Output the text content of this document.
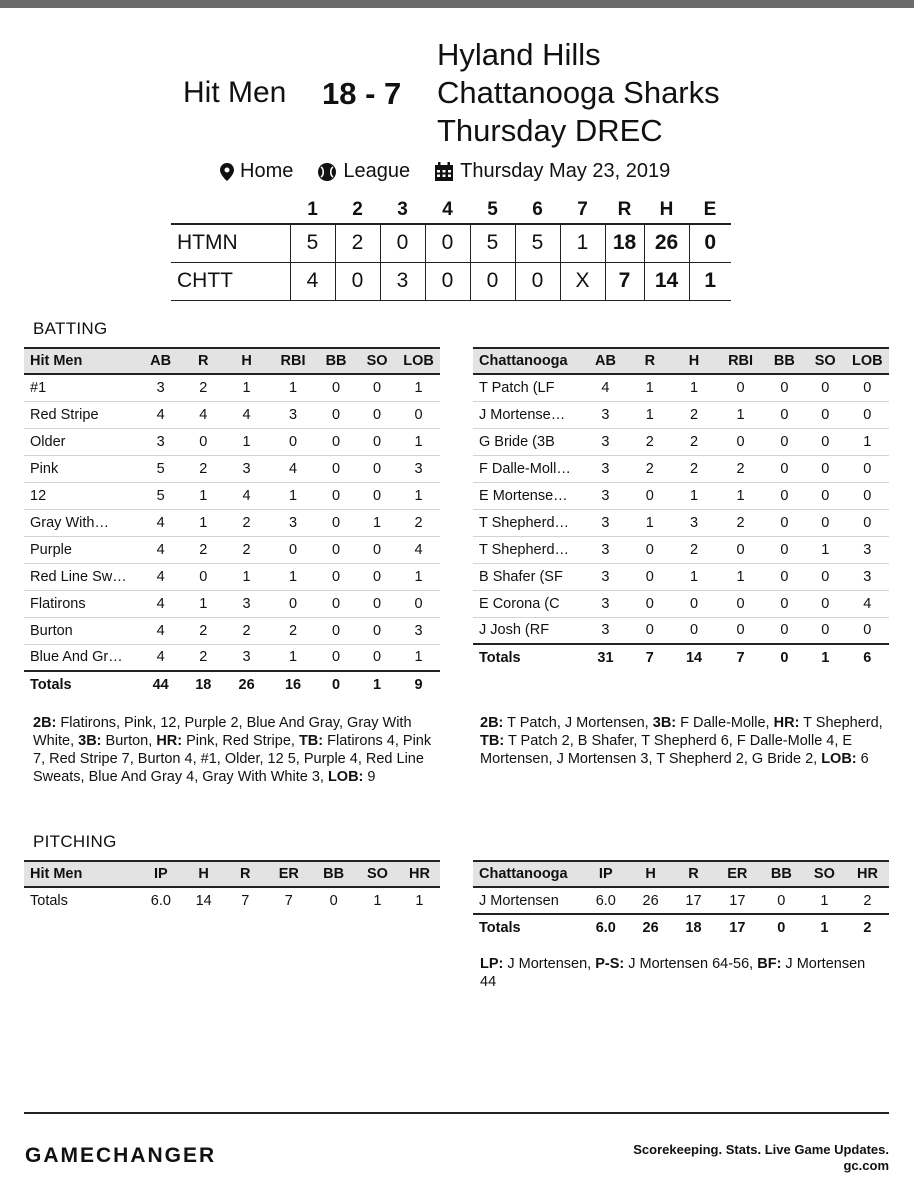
Hit Men 18 - 7
Hyland Hills
Chattanooga Sharks
Thursday DREC
Home	League	Thursday May 23, 2019
	1	2	3	4	5	6	7	R	H	E
HTMN	5	2	0	0	5	5	1	18	26	0
CHTT	4	0	3	0	0	0	X	7	14	1
BATTING
Hit Men	AB	R	H	RBI	BB	SO	LOB
#1	3	2	1	1	0	0	1
Red Stripe	4	4	4	3	0	0	0
Older	3	0	1	0	0	0	1
Pink	5	2	3	4	0	0	3
12	5	1	4	1	0	0	1
Gray With…	4	1	2	3	0	1	2
Purple	4	2	2	0	0	0	4
Red Line Sw…	4	0	1	1	0	0	1
Flatirons	4	1	3	0	0	0	0
Burton	4	2	2	2	0	0	3
Blue And Gr…	4	2	3	1	0	0	1
Totals	44	18	26	16	0	1	9
Chattanooga	AB	R	H	RBI	BB	SO	LOB
T Patch (LF	4	1	1	0	0	0	0
J Mortense…	3	1	2	1	0	0	0
G Bride (3B	3	2	2	0	0	0	1
F Dalle-Moll…	3	2	2	2	0	0	0
E Mortense…	3	0	1	1	0	0	0
T Shepherd…	3	1	3	2	0	0	0
T Shepherd…	3	0	2	0	0	1	3
B Shafer (SF	3	0	1	1	0	0	3
E Corona (C	3	0	0	0	0	0	4
J Josh (RF	3	0	0	0	0	0	0
Totals	31	7	14	7	0	1	6
2B: Flatirons, Pink, 12, Purple 2, Blue And Gray, Gray With White, 3B: Burton, HR: Pink, Red Stripe, TB: Flatirons 4, Pink 7, Red Stripe 7, Burton 4, #1, Older, 12 5, Purple 4, Red Line Sweats, Blue And Gray 4, Gray With White 3, LOB: 9
2B: T Patch, J Mortensen, 3B: F Dalle-Molle, HR: T Shepherd, TB: T Patch 2, B Shafer, T Shepherd 6, F Dalle-Molle 4, E Mortensen, J Mortensen 3, T Shepherd 2, G Bride 2, LOB: 6
PITCHING
Hit Men	IP	H	R	ER	BB	SO	HR
Totals	6.0	14	7	7	0	1	1
Chattanooga	IP	H	R	ER	BB	SO	HR
J Mortensen	6.0	26	17	17	0	1	2
Totals	6.0	26	18	17	0	1	2
LP: J Mortensen, P-S: J Mortensen 64-56, BF: J Mortensen 44
GAMECHANGER	Scorekeeping. Stats. Live Game Updates.
gc.com
